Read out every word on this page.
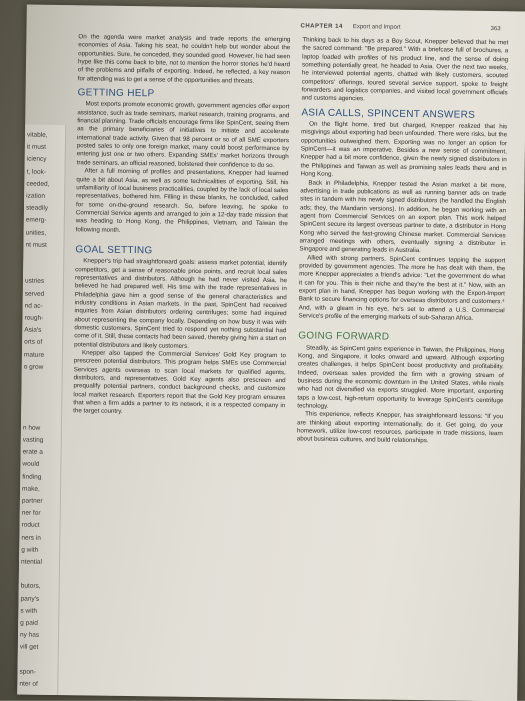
vitable,
it must
iciency
t, look-
ceeded,
ization
steadily
emerg-
unities,
nt must
ustries
served
nd ac-
rough-
Asia's
orts of
mature
o grow
n how
vasting
erate a
would
finding
make,
partner
ner for
roduct
ners in
g with
ntential
butors,
pany's
s with
g paid
ny has
vill get
spon-
nter of
CHAPTER 14 Export and Import	363

On the agenda were market analysis and trade reports the emerging economies of Asia. Taking his seat, he couldn't help but wonder about the opportunities. Sure, he conceded, they sounded good. However, he had seen hype like this come back to bite, not to mention the horror stories he'd heard of the problems and pitfalls of exporting. Indeed, he reflected, a key reason for attending was to get a sense of the opportunities and threats.

GETTING HELP

Most exports promote economic growth, government agencies offer export assistance, such as trade seminars, market research, training programs, and financial planning. Trade officials encourage firms like SpinCent, seeing them as the primary beneficiaries of initiatives to initiate and accelerate international trade activity. Given that 98 percent or so of all SME exporters posted sales to only one foreign market, many could boost performance by entering just one or two others. Expanding SMEs' market horizons through trade seminars, an official reasoned, bolstered their confidence to do so.

After a full morning of profiles and presentations, Knepper had learned quite a bit about Asia, as well as some technicalities of exporting. Still, his unfamiliarity of local business practicalities, coupled by the lack of local sales representatives, bothered him. Filling in these blanks, he concluded, called for some on-the-ground research. So, before leaving, he spoke to Commercial Service agents and arranged to join a 12-day trade mission that was heading to Hong Kong, the Philippines, Vietnam, and Taiwan the following month.

GOAL SETTING

Knepper's trip had straightforward goals: assess market potential, identify competitors, get a sense of reasonable price points, and recruit local sales representatives and distributors. Although he had never visited Asia, he believed he had prepared well. His time with the trade representatives in Philadelphia gave him a good sense of the general characteristics and industry conditions in Asian markets. In the past, SpinCent had received inquiries from Asian distributors ordering centrifuges; some had inquired about representing the company locally. Depending on how busy it was with domestic customers, SpinCent tried to respond yet nothing substantial had come of it. Still, these contacts had been saved, thereby giving him a start on potential distributors and likely customers.

Knepper also tapped the Commercial Services' Gold Key program to prescreen potential distributors. This program helps SMEs use Commercial Services agents overseas to scan local markets for qualified agents, distributors, and representatives. Gold Key agents also prescreen and prequalify potential partners, conduct background checks, and customize local market research. Exporters report that the Gold Key program ensures that when a firm adds a partner to its network, it is a respected company in the target country.

Thinking back to his days as a Boy Scout, Knepper believed that he met the sacred command: "Be prepared." With a briefcase full of brochures, a laptop loaded with profiles of his product line, and the sense of doing something potentially great, he headed to Asia. Over the next two weeks, he interviewed potential agents, chatted with likely customers, scouted competitors' offerings, toured several service support, spoke to freight forwarders and logistics companies, and visited local government officials and customs agencies.

ASIA CALLS, SPINCENT ANSWERS

On the flight home, tired but charged, Knepper realized that his misgivings about exporting had been unfounded. There were risks, but the opportunities outweighed them. Exporting was no longer an option for SpinCent—it was an imperative. Besides a new sense of commitment, Knepper had a bit more confidence, given the newly signed distributors in the Philippines and Taiwan as well as promising sales leads there and in Hong Kong.

Back in Philadelphia, Knepper tested the Asian market a bit more, advertising in trade publications as well as running banner ads on trade sites in tandem with his newly signed distributors (he handled the English ads; they, the Mandarin versions). In addition, he began working with an agent from Commercial Services on an export plan. This work helped SpinCent secure its largest overseas partner to date, a distributor in Hong Kong who served the fast-growing Chinese market. Commercial Services arranged meetings with others, eventually signing a distributor in Singapore and generating leads in Australia.

Allied with strong partners, SpinCent continues tapping the support provided by government agencies. The more he has dealt with them, the more Knepper appreciates a friend's advice: "Let the government do what it can for you. This is their niche and they're the best at it." Now, with an export plan in hand, Knepper has begun working with the Export-Import Bank to secure financing options for overseas distributors and customers.⁴ And, with a gleam in his eye, he's set to attend a U.S. Commercial Service's profile of the emerging markets of sub-Saharan Africa.

GOING FORWARD

Steadily, as SpinCent gains experience in Taiwan, the Philippines, Hong Kong, and Singapore, it looks onward and upward. Although exporting creates challenges, it helps SpinCent boost productivity and profitability. Indeed, overseas sales provided the firm with a growing stream of business during the economic downturn in the United States, while rivals who had not diversified via exports struggled. More important, exporting taps a low-cost, high-return opportunity to leverage SpinCent's centrifuge technology.

This experience, reflects Knepper, has straightforward lessons: "If you are thinking about exporting internationally, do it. Get going, do your homework, utilize low-cost resources, participate in trade missions, learn about business cultures, and build relationships.
